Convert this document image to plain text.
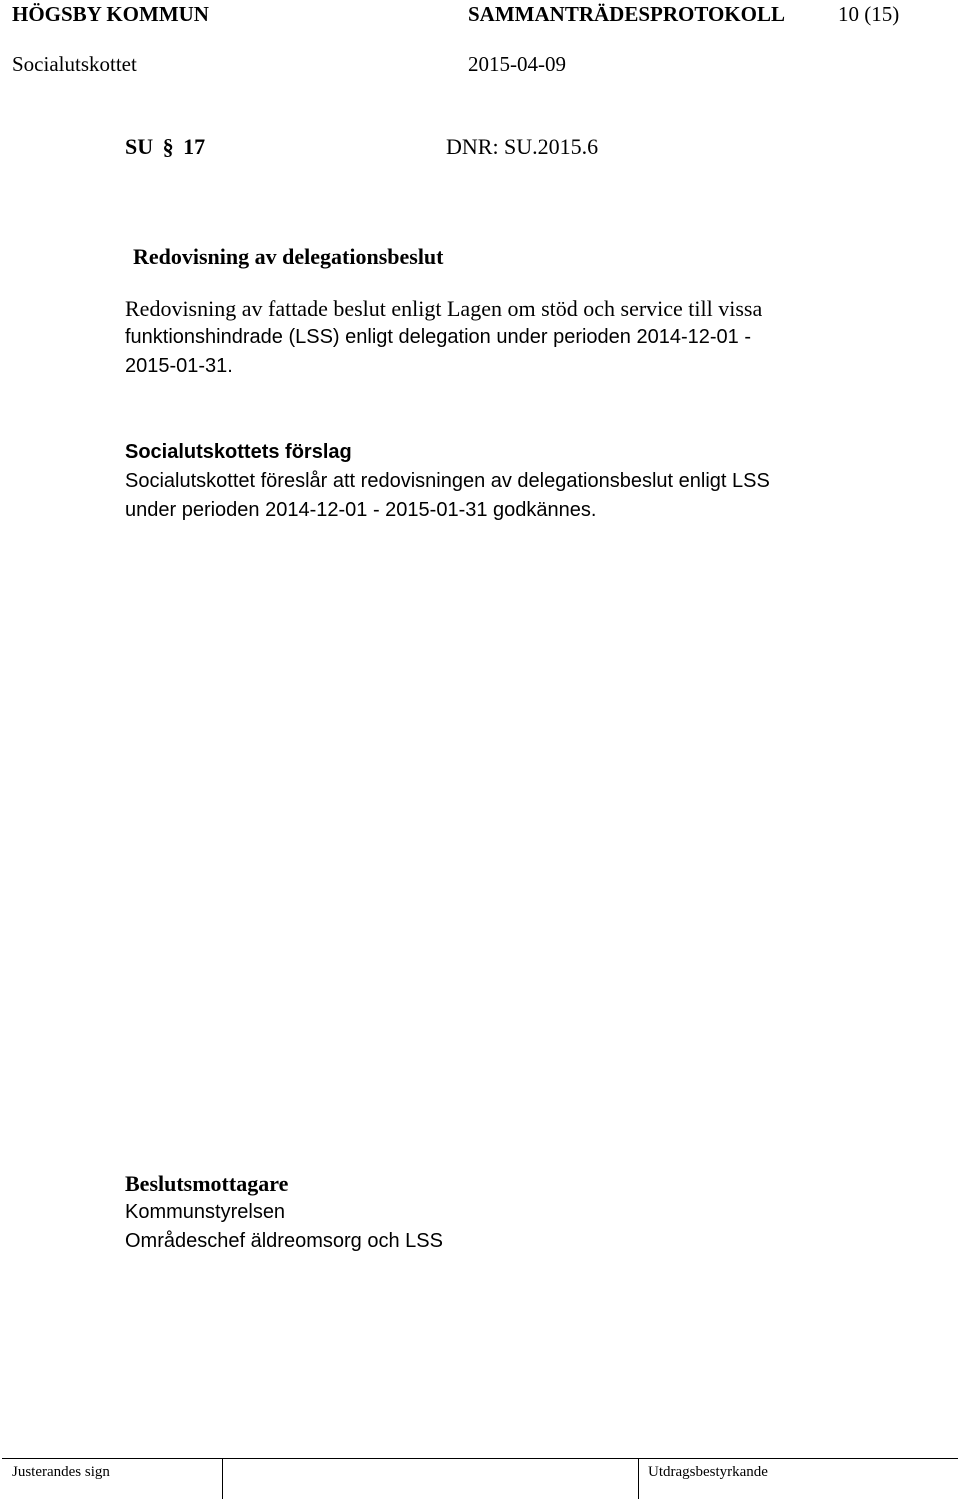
HÖGSBY KOMMUN	SAMMANTRÄDESPROTOKOLL	10 (15)
Socialutskottet	2015-04-09
SU § 17	DNR: SU.2015.6
Redovisning av delegationsbeslut
Redovisning av fattade beslut enligt Lagen om stöd och service till vissa
funktionshindrade (LSS) enligt delegation under perioden 2014-12-01 -
2015-01-31.
Socialutskottets förslag
Socialutskottet föreslår att redovisningen av delegationsbeslut enligt LSS
under perioden 2014-12-01 - 2015-01-31 godkännes.
Beslutsmottagare
Kommunstyrelsen
Områdeschef äldreomsorg och LSS
Justerandes sign	Utdragsbestyrkande
